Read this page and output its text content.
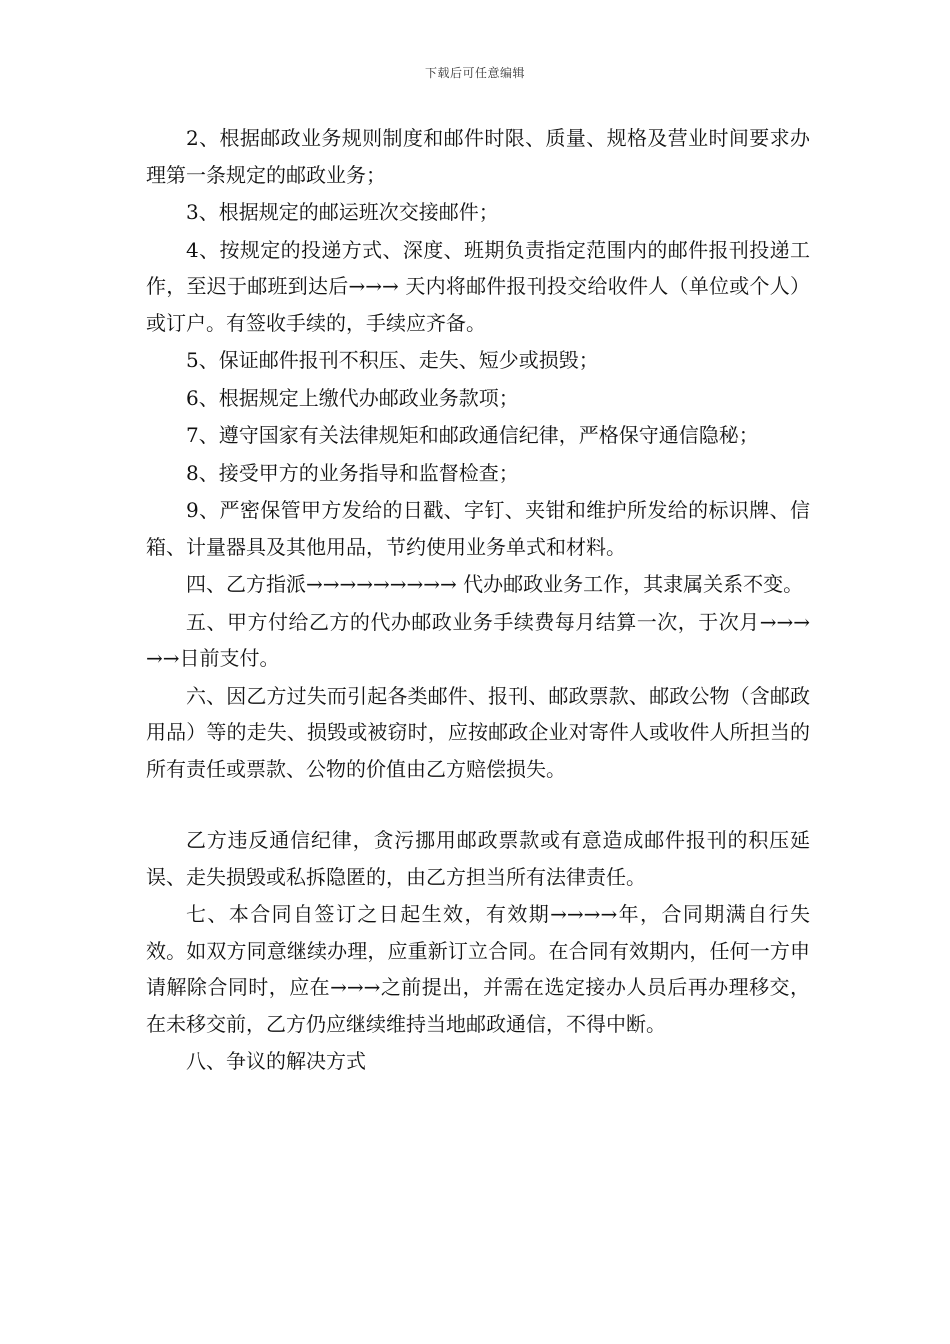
下载后可任意编辑

2、根据邮政业务规则制度和邮件时限、质量、规格及营业时间要求办理第一条规定的邮政业务；

3、根据规定的邮运班次交接邮件；

4、按规定的投递方式、深度、班期负责指定范围内的邮件报刊投递工作，至迟于邮班到达后→→→ 天内将邮件报刊投交给收件人（单位或个人）或订户。有签收手续的，手续应齐备。

5、保证邮件报刊不积压、走失、短少或损毁；

6、根据规定上缴代办邮政业务款项；

7、遵守国家有关法律规矩和邮政通信纪律，严格保守通信隐秘；

8、接受甲方的业务指导和监督检查；

9、严密保管甲方发给的日戳、字钉、夹钳和维护所发给的标识牌、信箱、计量器具及其他用品，节约使用业务单式和材料。

四、乙方指派→→→→→→→→→ 代办邮政业务工作，其隶属关系不变。

五、甲方付给乙方的代办邮政业务手续费每月结算一次，于次月→→→→→日前支付。

六、因乙方过失而引起各类邮件、报刊、邮政票款、邮政公物（含邮政用品）等的走失、损毁或被窃时，应按邮政企业对寄件人或收件人所担当的所有责任或票款、公物的价值由乙方赔偿损失。

乙方违反通信纪律，贪污挪用邮政票款或有意造成邮件报刊的积压延误、走失损毁或私拆隐匿的，由乙方担当所有法律责任。

七、本合同自签订之日起生效，有效期→→→→年，合同期满自行失效。如双方同意继续办理，应重新订立合同。在合同有效期内，任何一方申请解除合同时，应在→→→之前提出，并需在选定接办人员后再办理移交，在未移交前，乙方仍应继续维持当地邮政通信，不得中断。

八、争议的解决方式
